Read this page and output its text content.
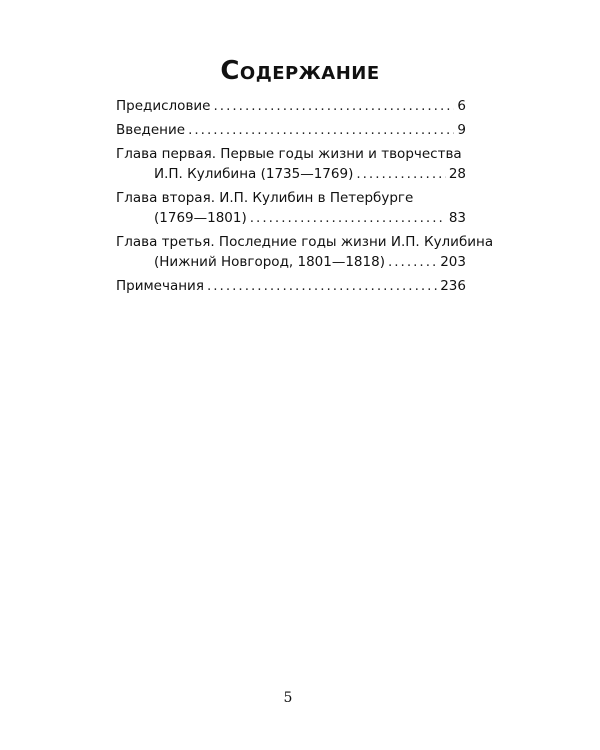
Содержание
Предисловие .....	6
Введение .....	9
Глава первая. Первые годы жизни и творчества
И.П. Кулибина (1735—1769) .....	28
Глава вторая. И.П. Кулибин в Петербурге
(1769—1801) .....	83
Глава третья. Последние годы жизни И.П. Кулибина
(Нижний Новгород, 1801—1818) .....	203
Примечания .....	236
5
